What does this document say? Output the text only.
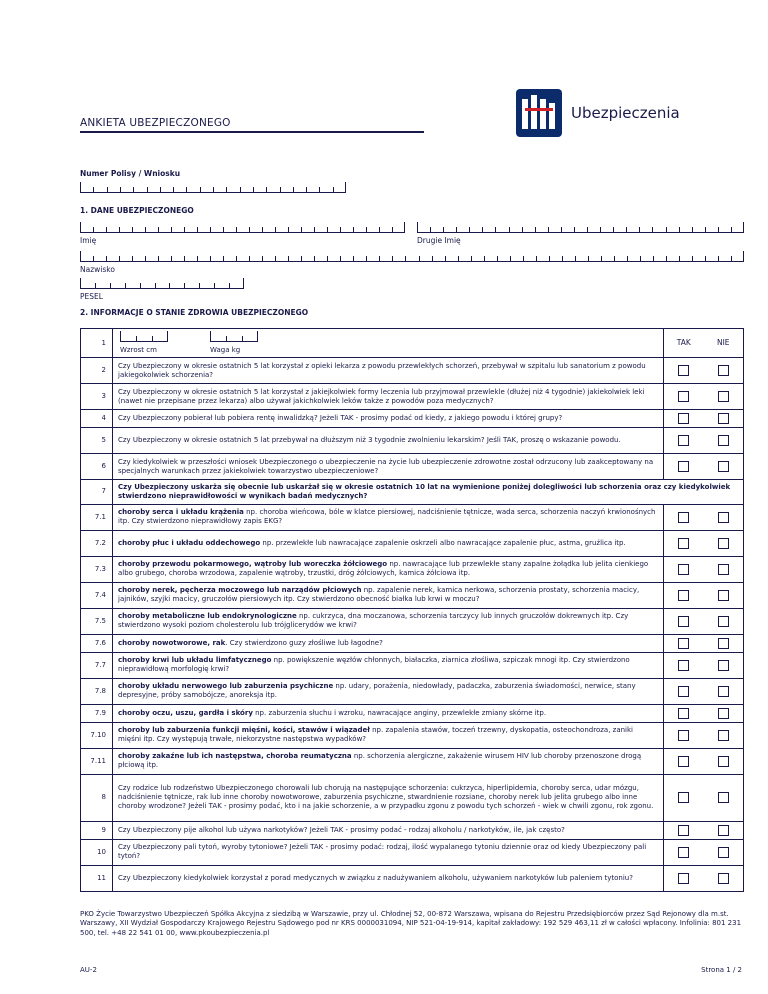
ANKIETA UBEZPIECZONEGO
Ubezpieczenia
Numer Polisy / Wniosku
1. DANE UBEZPIECZONEGO
Imię	Drugie Imię
Nazwisko
PESEL
2. INFORMACJE O STANIE ZDROWIA UBEZPIECZONEGO
1	Wzrost cm Waga kg	TAK	NIE
2	Czy Ubezpieczony w okresie ostatnich 5 lat korzystał z opieki lekarza z powodu przewlekłych schorzeń, przebywał w szpitalu lub sanatorium z powodu jakiegokolwiek schorzenia?		
3	Czy Ubezpieczony w okresie ostatnich 5 lat korzystał z jakiejkolwiek formy leczenia lub przyjmował przewlekle (dłużej niż 4 tygodnie) jakiekolwiek leki (nawet nie przepisane przez lekarza) albo używał jakichkolwiek leków także z powodów poza medycznych?		
4	Czy Ubezpieczony pobierał lub pobiera rentę inwalidzką? Jeżeli TAK - prosimy podać od kiedy, z jakiego powodu i której grupy?		
5	Czy Ubezpieczony w okresie ostatnich 5 lat przebywał na dłuższym niż 3 tygodnie zwolnieniu lekarskim? Jeśli TAK, proszę o wskazanie powodu.		
6	Czy kiedykolwiek w przeszłości wniosek Ubezpieczonego o ubezpieczenie na życie lub ubezpieczenie zdrowotne został odrzucony lub zaakceptowany na specjalnych warunkach przez jakiekolwiek towarzystwo ubezpieczeniowe?		
7	Czy Ubezpieczony uskarża się obecnie lub uskarżał się w okresie ostatnich 10 lat na wymienione poniżej dolegliwości lub schorzenia oraz czy kiedykolwiek stwierdzono nieprawidłowości w wynikach badań medycznych?		
7.1	choroby serca i układu krążenia np. choroba wieńcowa, bóle w klatce piersiowej, nadciśnienie tętnicze, wada serca, schorzenia naczyń krwionośnych itp. Czy stwierdzono nieprawidłowy zapis EKG?		
7.2	choroby płuc i układu oddechowego np. przewlekłe lub nawracające zapalenie oskrzeli albo nawracające zapalenie płuc, astma, gruźlica itp.		
7.3	choroby przewodu pokarmowego, wątroby lub woreczka żółciowego np. nawracające lub przewlekłe stany zapalne żołądka lub jelita cienkiego albo grubego, choroba wrzodowa, zapalenie wątroby, trzustki, dróg żółciowych, kamica żółciowa itp.		
7.4	choroby nerek, pęcherza moczowego lub narządów płciowych np. zapalenie nerek, kamica nerkowa, schorzenia prostaty, schorzenia macicy, jajników, szyjki macicy, gruczołów piersiowych itp. Czy stwierdzono obecność białka lub krwi w moczu?		
7.5	choroby metaboliczne lub endokrynologiczne np. cukrzyca, dna moczanowa, schorzenia tarczycy lub innych gruczołów dokrewnych itp. Czy stwierdzono wysoki poziom cholesterolu lub trójglicerydów we krwi?		
7.6	choroby nowotworowe, rak. Czy stwierdzono guzy złośliwe lub łagodne?		
7.7	choroby krwi lub układu limfatycznego np. powiększenie węzłów chłonnych, białaczka, ziarnica złośliwa, szpiczak mnogi itp. Czy stwierdzono nieprawidłową morfologię krwi?		
7.8	choroby układu nerwowego lub zaburzenia psychiczne np. udary, porażenia, niedowłady, padaczka, zaburzenia świadomości, nerwice, stany depresyjne, próby samobójcze, anoreksja itp.		
7.9	choroby oczu, uszu, gardła i skóry np. zaburzenia słuchu i wzroku, nawracające anginy, przewlekłe zmiany skórne itp.		
7.10	choroby lub zaburzenia funkcji mięśni, kości, stawów i wiązadeł np. zapalenia stawów, toczeń trzewny, dyskopatia, osteochondroza, zaniki mięśni itp. Czy występują trwałe, niekorzystne następstwa wypadków?		
7.11	choroby zakaźne lub ich następstwa, choroba reumatyczna np. schorzenia alergiczne, zakażenie wirusem HIV lub choroby przenoszone drogą płciową itp.		
8	Czy rodzice lub rodzeństwo Ubezpieczonego chorowali lub chorują na następujące schorzenia: cukrzyca, hiperlipidemia, choroby serca, udar mózgu, nadciśnienie tętnicze, rak lub inne choroby nowotworowe, zaburzenia psychiczne, stwardnienie rozsiane, choroby nerek lub jelita grubego albo inne choroby wrodzone? Jeżeli TAK - prosimy podać, kto i na jakie schorzenie, a w przypadku zgonu z powodu tych schorzeń - wiek w chwili zgonu, rok zgonu.		
9	Czy Ubezpieczony pije alkohol lub używa narkotyków? Jeżeli TAK - prosimy podać - rodzaj alkoholu / narkotyków, ile, jak często?		
10	Czy Ubezpieczony pali tytoń, wyroby tytoniowe? Jeżeli TAK - prosimy podać: rodzaj, ilość wypalanego tytoniu dziennie oraz od kiedy Ubezpieczony pali tytoń?		
11	Czy Ubezpieczony kiedykolwiek korzystał z porad medycznych w związku z nadużywaniem alkoholu, używaniem narkotyków lub paleniem tytoniu?		
PKO Życie Towarzystwo Ubezpieczeń Spółka Akcyjna z siedzibą w Warszawie, przy ul. Chłodnej 52, 00-872 Warszawa, wpisana do Rejestru Przedsiębiorców przez Sąd Rejonowy dla m.st. Warszawy, XII Wydział Gospodarczy Krajowego Rejestru Sądowego pod nr KRS 0000031094, NIP 521-04-19-914, kapitał zakładowy: 192 529 463,11 zł w całości wpłacony. Infolinia: 801 231 500, tel. +48 22 541 01 00, www.pkoubezpieczenia.pl
AU-2	Strona 1 / 2
